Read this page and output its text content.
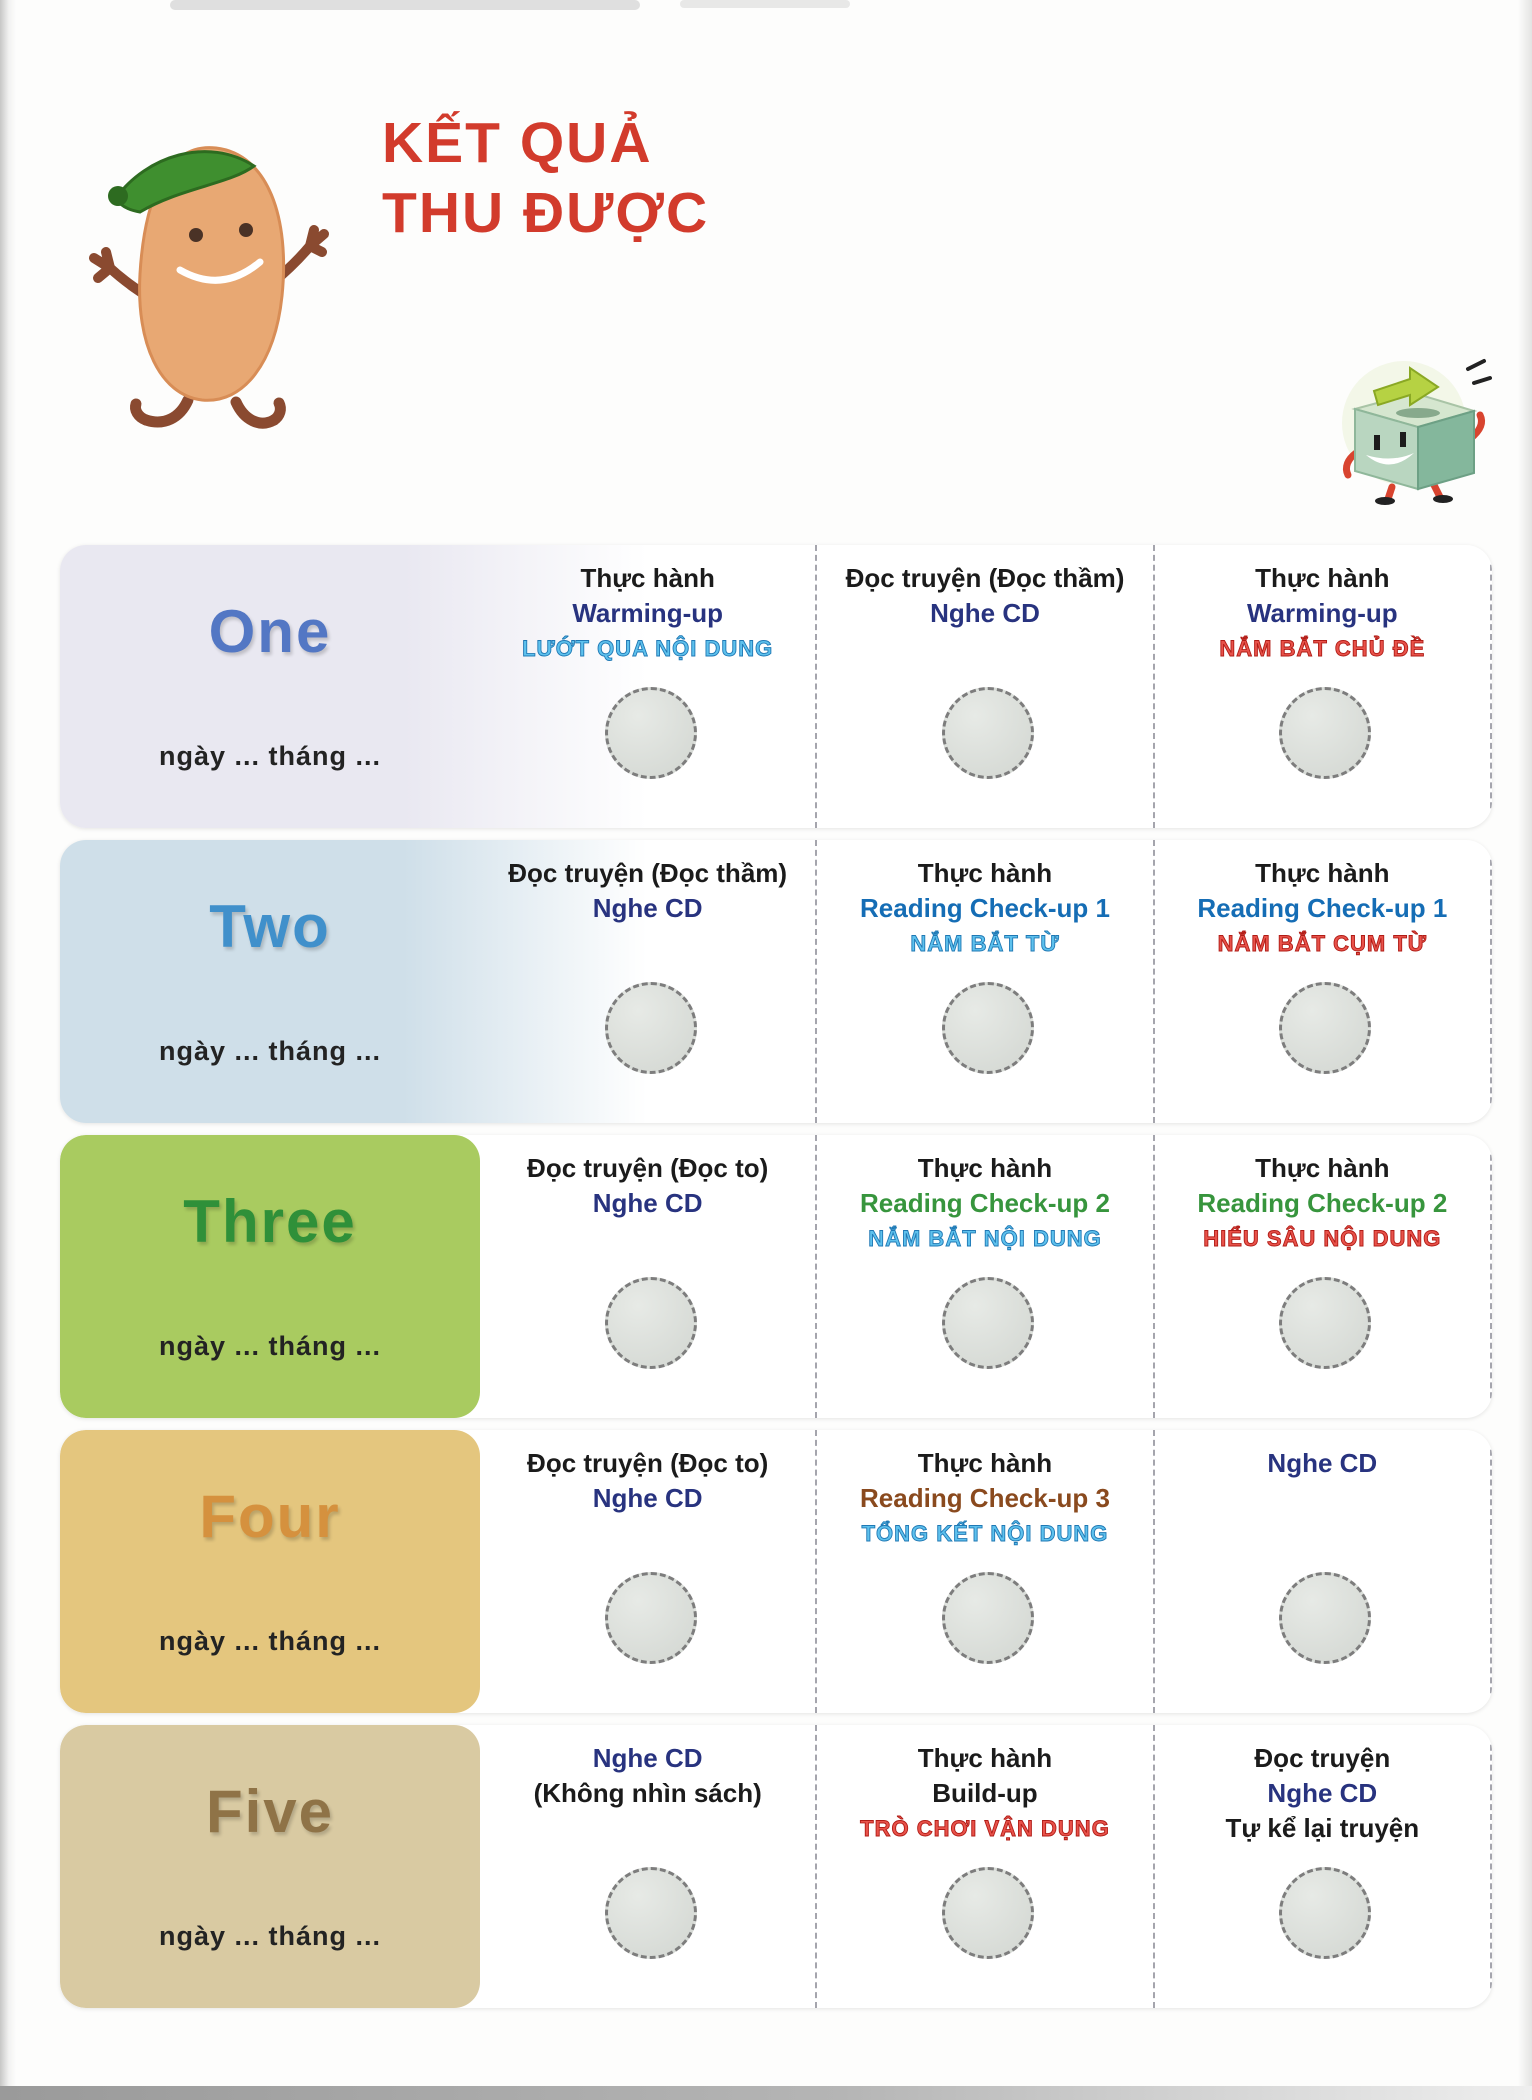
KẾT QUẢ
THU ĐƯỢC
One
ngày ... tháng ...
Thực hành
Warming-up
LƯỚT QUA NỘI DUNG
Đọc truyện (Đọc thầm)
Nghe CD
Thực hành
Warming-up
NẮM BẮT CHỦ ĐỀ
Two
ngày ... tháng ...
Đọc truyện (Đọc thầm)
Nghe CD
Thực hành
Reading Check-up 1
NẮM BẮT TỪ
Thực hành
Reading Check-up 1
NẮM BẮT CỤM TỪ
Three
ngày ... tháng ...
Đọc truyện (Đọc to)
Nghe CD
Thực hành
Reading Check-up 2
NẮM BẮT NỘI DUNG
Thực hành
Reading Check-up 2
HIỂU SÂU NỘI DUNG
Four
ngày ... tháng ...
Đọc truyện (Đọc to)
Nghe CD
Thực hành
Reading Check-up 3
TỔNG KẾT NỘI DUNG
Nghe CD
Five
ngày ... tháng ...
Nghe CD
(Không nhìn sách)
Thực hành
Build-up
TRÒ CHƠI VẬN DỤNG
Đọc truyện
Nghe CD
Tự kể lại truyện
